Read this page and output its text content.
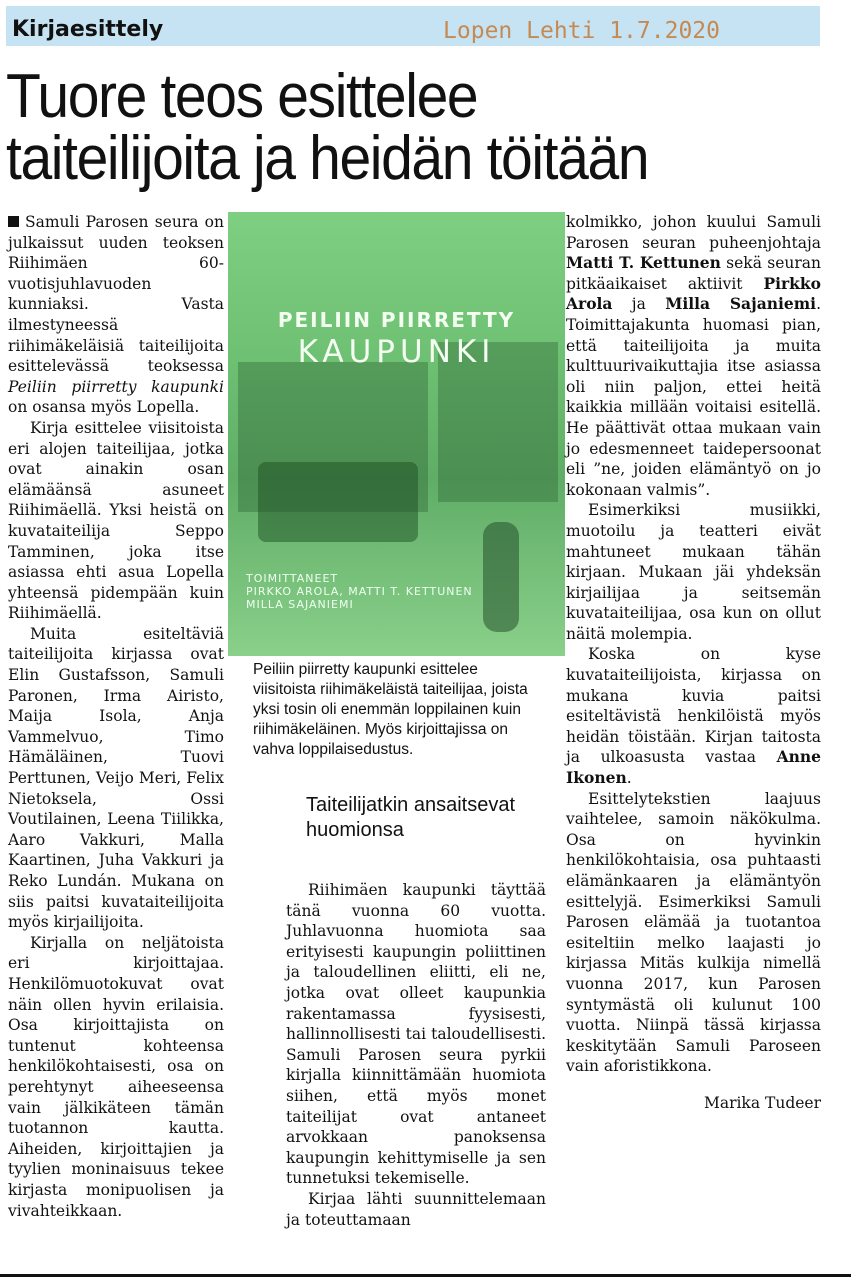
Kirjaesittely	Lopen Lehti 1.7.2020
Tuore teos esittelee
taiteilijoita ja heidän töitään

Samuli Parosen seura on julkaissut uuden teoksen Riihimäen 60-vuotisjuhlavuoden kunniaksi. Vasta ilmestyneessä riihimäkeläisiä taiteilijoita esittelevässä teoksessa Peiliin piirretty kaupunki on osansa myös Lopella.

Kirja esittelee viisitoista eri alojen taiteilijaa, jotka ovat ainakin osan elämäänsä asuneet Riihimäellä. Yksi heistä on kuvataiteilija Seppo Tamminen, joka itse asiassa ehti asua Lopella yhteensä pidempään kuin Riihimäellä.

Muita esiteltäviä taiteilijoita kirjassa ovat Elin Gustafsson, Samuli Paronen, Irma Airisto, Maija Isola, Anja Vammelvuo, Timo Hämäläinen, Tuovi Perttunen, Veijo Meri, Felix Nietoksela, Ossi Voutilainen, Leena Tiilikka, Aaro Vakkuri, Malla Kaartinen, Juha Vakkuri ja Reko Lundán. Mukana on siis paitsi kuvataiteilijoita myös kirjailijoita.

Kirjalla on neljätoista eri kirjoittajaa. Henkilömuotokuvat ovat näin ollen hyvin erilaisia. Osa kirjoittajista on tuntenut kohteensa henkilökohtaisesti, osa on perehtynyt aiheeseensa vain jälkikäteen tämän tuotannon kautta. Aiheiden, kirjoittajien ja tyylien moninaisuus tekee kirjasta monipuolisen ja vivahteikkaan.

PEILIIN PIIRRETTY
KAUPUNKI
TOIMITTANEET
PIRKKO AROLA, MATTI T. KETTUNEN
MILLA SAJANIEMI
Peiliin piirretty kaupunki esittelee viisitoista riihimäkeläistä taiteilijaa, joista yksi tosin oli enemmän loppilainen kuin riihimäkeläinen. Myös kirjoittajissa on vahva loppilaisedustus.
Taiteilijatkin ansaitsevat huomionsa

Riihimäen kaupunki täyttää tänä vuonna 60 vuotta. Juhlavuonna huomiota saa erityisesti kaupungin poliittinen ja taloudellinen eliitti, eli ne, jotka ovat olleet kaupunkia rakentamassa fyysisesti, hallinnollisesti tai taloudellisesti. Samuli Parosen seura pyrkii kirjalla kiinnittämään huomiota siihen, että myös monet taiteilijat ovat antaneet arvokkaan panoksensa kaupungin kehittymiselle ja sen tunnetuksi tekemiselle.

Kirjaa lähti suunnittelemaan ja toteuttamaan

kolmikko, johon kuului Samuli Parosen seuran puheenjohtaja Matti T. Kettunen sekä seuran pitkäaikaiset aktiivit Pirkko Arola ja Milla Sajaniemi. Toimittajakunta huomasi pian, että taiteilijoita ja muita kulttuurivaikuttajia itse asiassa oli niin paljon, ettei heitä kaikkia millään voitaisi esitellä. He päättivät ottaa mukaan vain jo edesmenneet taidepersoonat eli ”ne, joiden elämäntyö on jo kokonaan valmis”.

Esimerkiksi musiikki, muotoilu ja teatteri eivät mahtuneet mukaan tähän kirjaan. Mukaan jäi yhdeksän kirjailijaa ja seitsemän kuvataiteilijaa, osa kun on ollut näitä molempia.

Koska on kyse kuvataiteilijoista, kirjassa on mukana kuvia paitsi esiteltävistä henkilöistä myös heidän töistään. Kirjan taitosta ja ulkoasusta vastaa Anne Ikonen.

Esittelytekstien laajuus vaihtelee, samoin näkökulma. Osa on hyvinkin henkilökohtaisia, osa puhtaasti elämänkaaren ja elämäntyön esittelyjä. Esimerkiksi Samuli Parosen elämää ja tuotantoa esiteltiin melko laajasti jo kirjassa Mitäs kulkija nimellä vuonna 2017, kun Parosen syntymästä oli kulunut 100 vuotta. Niinpä tässä kirjassa keskitytään Samuli Paroseen vain aforistikkona.

Marika Tudeer
